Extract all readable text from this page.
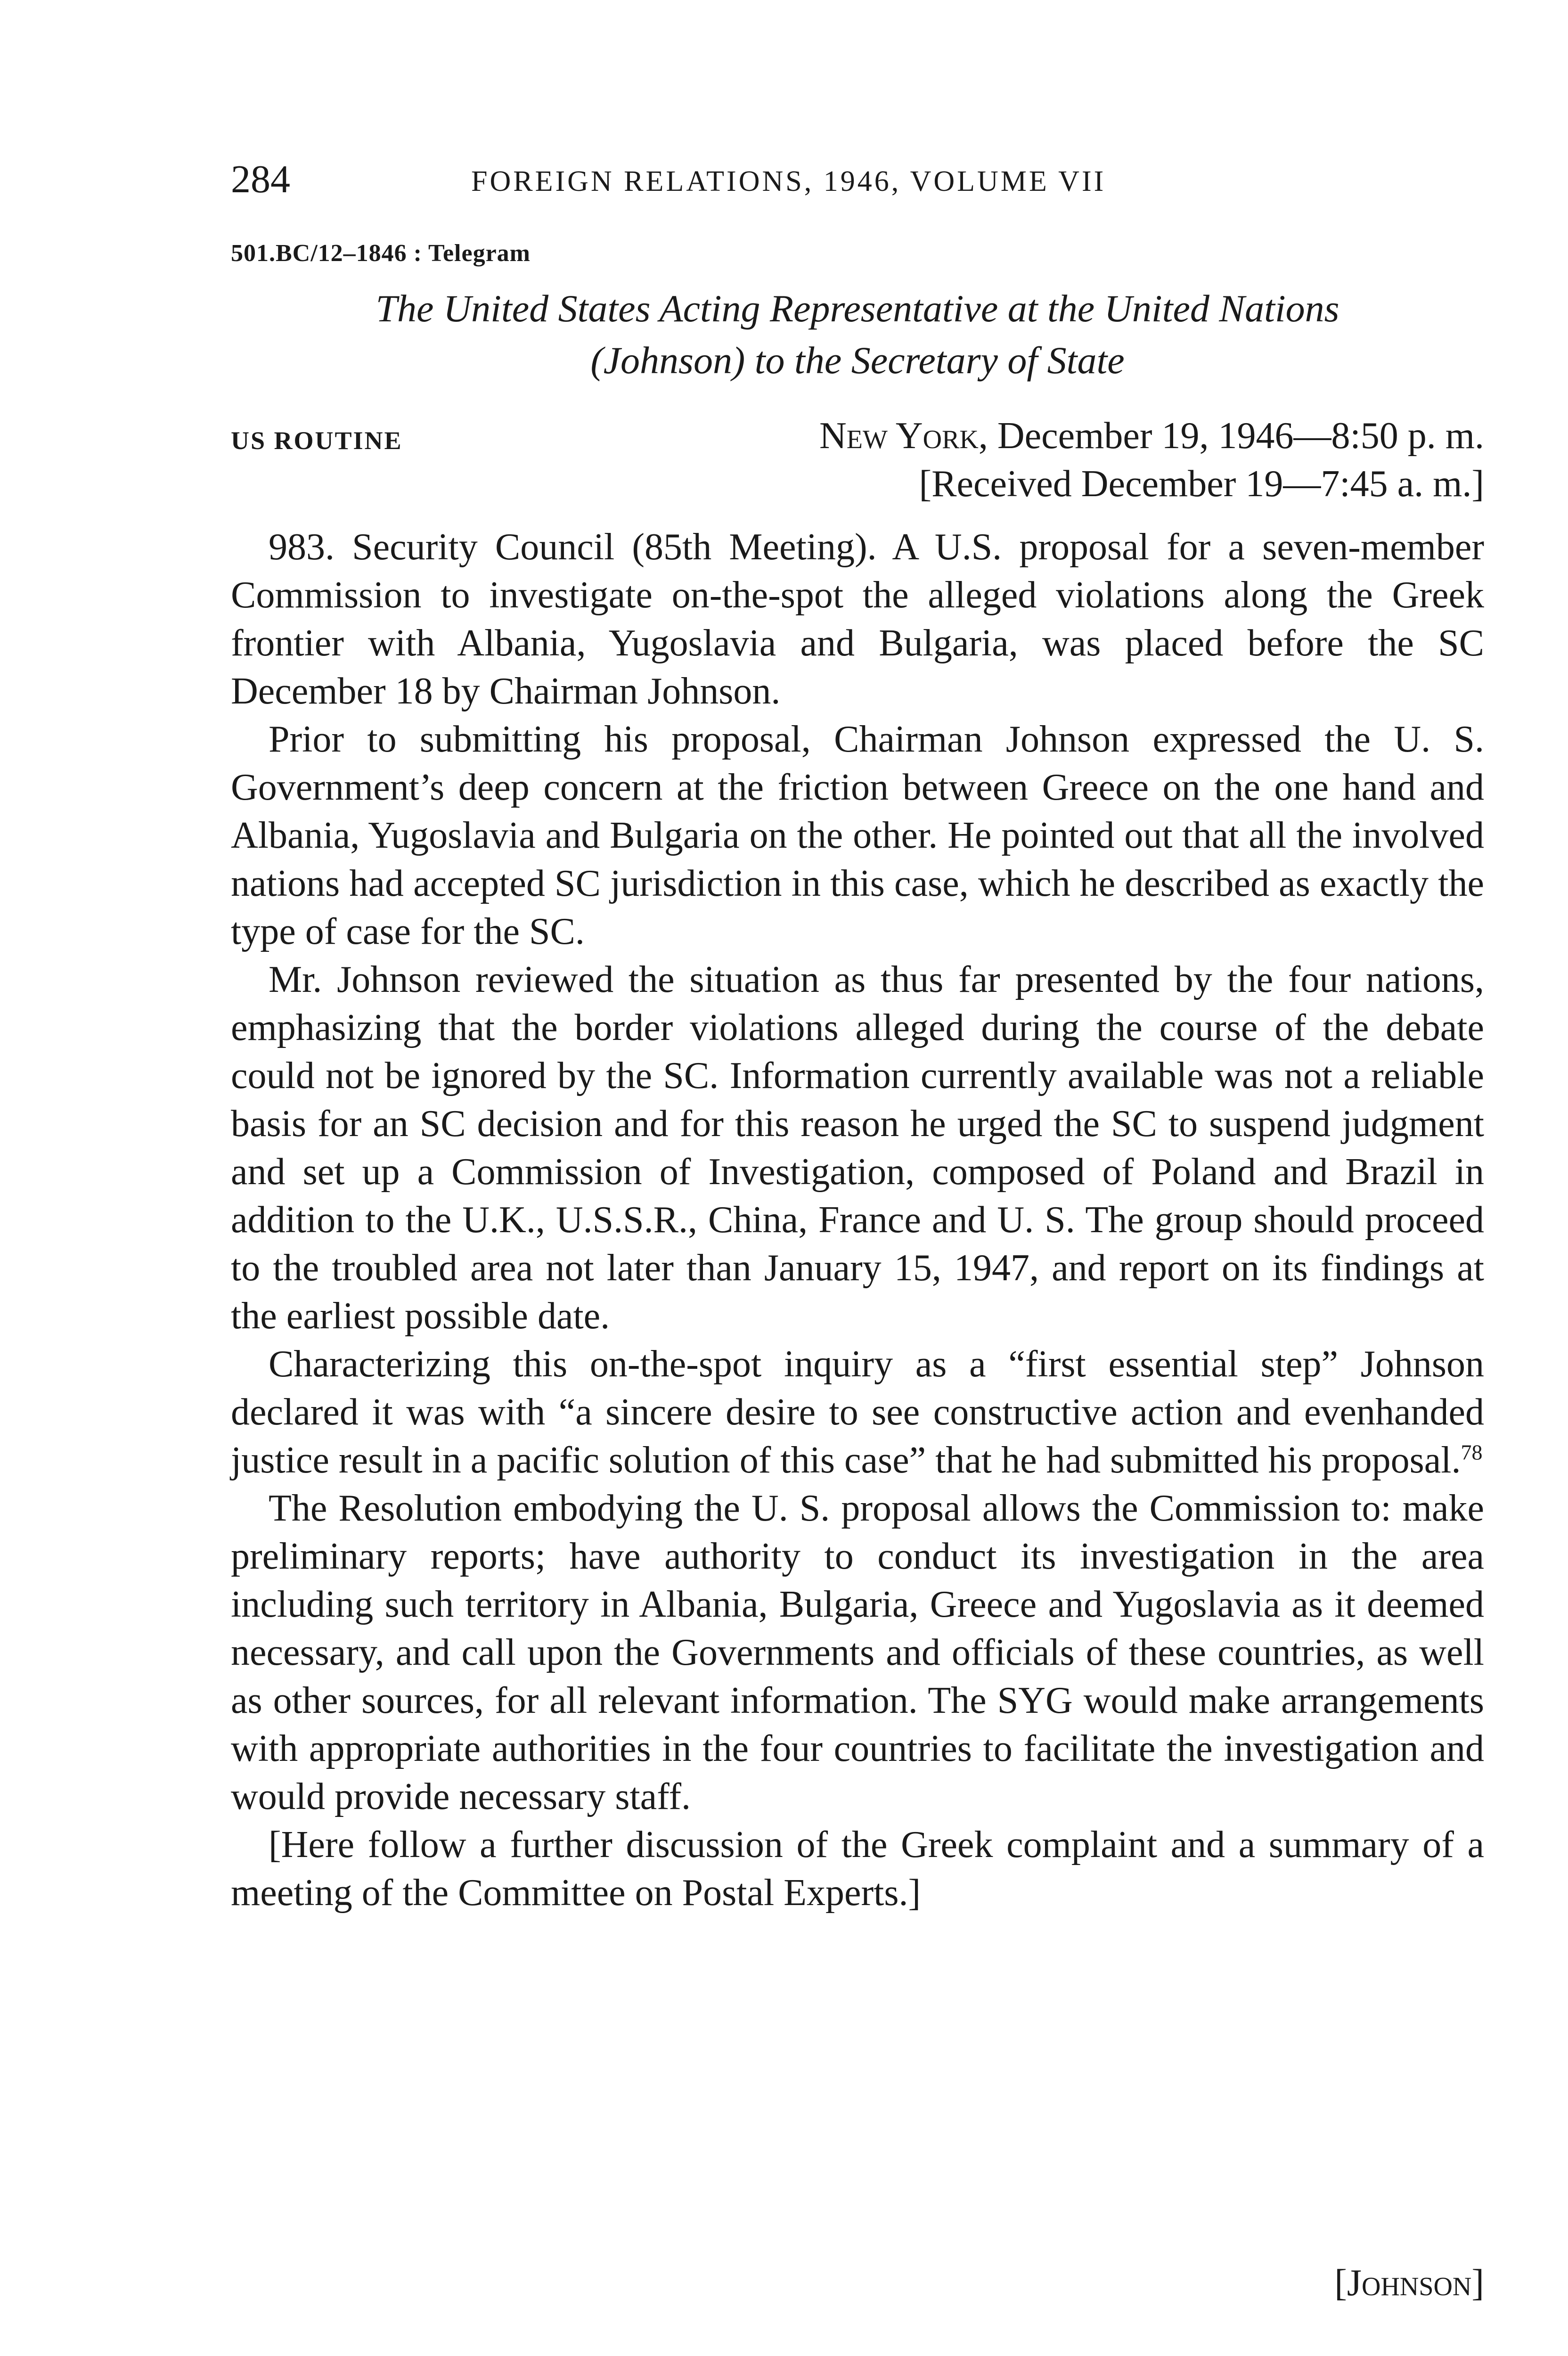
284	FOREIGN RELATIONS, 1946, VOLUME VII
501.BC/12–1846 : Telegram
The United States Acting Representative at the United Nations
(Johnson) to the Secretary of State
US ROUTINE	New York, December 19, 1946—8:50 p. m.
[Received December 19—7:45 a. m.]

983. Security Council (85th Meeting). A U.S. proposal for a seven-member Commission to investigate on-the-spot the alleged violations along the Greek frontier with Albania, Yugoslavia and Bulgaria, was placed before the SC December 18 by Chairman Johnson.

Prior to submitting his proposal, Chairman Johnson expressed the U. S. Government’s deep concern at the friction between Greece on the one hand and Albania, Yugoslavia and Bulgaria on the other. He pointed out that all the involved nations had accepted SC jurisdiction in this case, which he described as exactly the type of case for the SC.

Mr. Johnson reviewed the situation as thus far presented by the four nations, emphasizing that the border violations alleged during the course of the debate could not be ignored by the SC. Information currently available was not a reliable basis for an SC decision and for this reason he urged the SC to suspend judgment and set up a Commission of Investigation, composed of Poland and Brazil in addition to the U.K., U.S.S.R., China, France and U. S. The group should proceed to the troubled area not later than January 15, 1947, and report on its findings at the earliest possible date.

Characterizing this on-the-spot inquiry as a “first essential step” Johnson declared it was with “a sincere desire to see constructive action and evenhanded justice result in a pacific solution of this case” that he had submitted his proposal.$^{78}$

The Resolution embodying the U. S. proposal allows the Commission to: make preliminary reports; have authority to conduct its investigation in the area including such territory in Albania, Bulgaria, Greece and Yugoslavia as it deemed necessary, and call upon the Governments and officials of these countries, as well as other sources, for all relevant information. The SYG would make arrangements with appropriate authorities in the four countries to facilitate the investigation and would provide necessary staff.

[Here follow a further discussion of the Greek complaint and a summary of a meeting of the Committee on Postal Experts.]

[Johnson]
